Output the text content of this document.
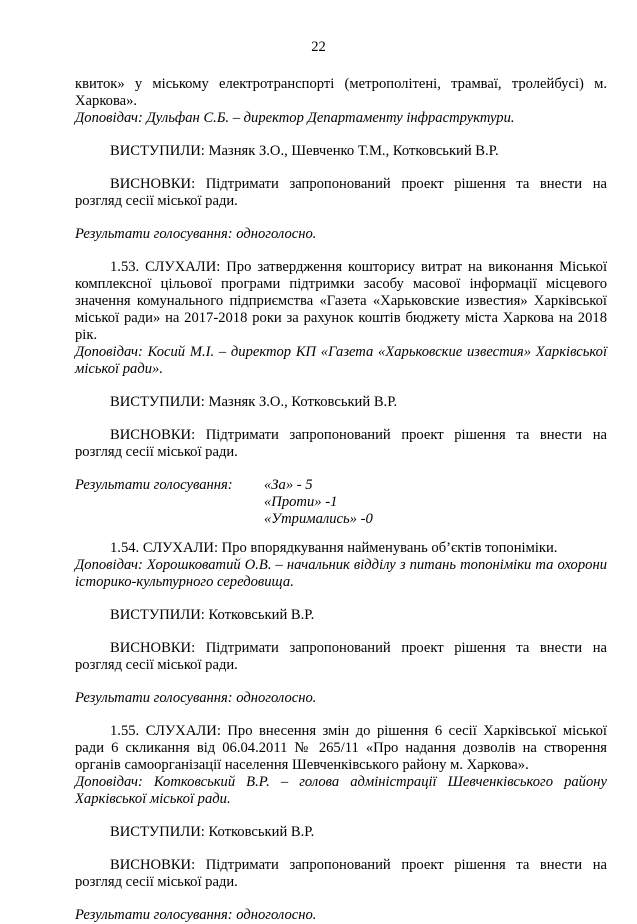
22

квиток» у міському електротранспорті (метрополітені, трамваї, тролейбусі) м. Харкова».

Доповідач: Дульфан С.Б. – директор Департаменту інфраструктури.

ВИСТУПИЛИ: Мазняк З.О., Шевченко Т.М., Котковський В.Р.

ВИСНОВКИ: Підтримати запропонований проект рішення та внести на розгляд сесії міської ради.

Результати голосування: одноголосно.

1.53. СЛУХАЛИ: Про затвердження кошторису витрат на виконання Міської комплексної цільової програми підтримки засобу масової інформації місцевого значення комунального підприємства «Газета «Харьковские известия» Харківської міської ради» на 2017-2018 роки за рахунок коштів бюджету міста Харкова на 2018 рік.

Доповідач: Косий М.І. – директор КП «Газета «Харьковские известия» Харківської міської ради».

ВИСТУПИЛИ: Мазняк З.О., Котковський В.Р.

ВИСНОВКИ: Підтримати запропонований проект рішення та внести на розгляд сесії міської ради.

Результати голосування:	«За» - 5
«Проти» -1
«Утримались» -0

1.54. СЛУХАЛИ: Про впорядкування найменувань об’єктів топоніміки.

Доповідач: Хорошковатий О.В. – начальник відділу з питань топоніміки та охорони історико-культурного середовища.

ВИСТУПИЛИ: Котковський В.Р.

ВИСНОВКИ: Підтримати запропонований проект рішення та внести на розгляд сесії міської ради.

Результати голосування: одноголосно.

1.55. СЛУХАЛИ: Про внесення змін до рішення 6 сесії Харківської міської ради 6 скликання від 06.04.2011 № 265/11 «Про надання дозволів на створення органів самоорганізації населення Шевченківського району м. Харкова».

Доповідач: Котковський В.Р. – голова адміністрації Шевченківського району Харківської міської ради.

ВИСТУПИЛИ: Котковський В.Р.

ВИСНОВКИ: Підтримати запропонований проект рішення та внести на розгляд сесії міської ради.

Результати голосування: одноголосно.
